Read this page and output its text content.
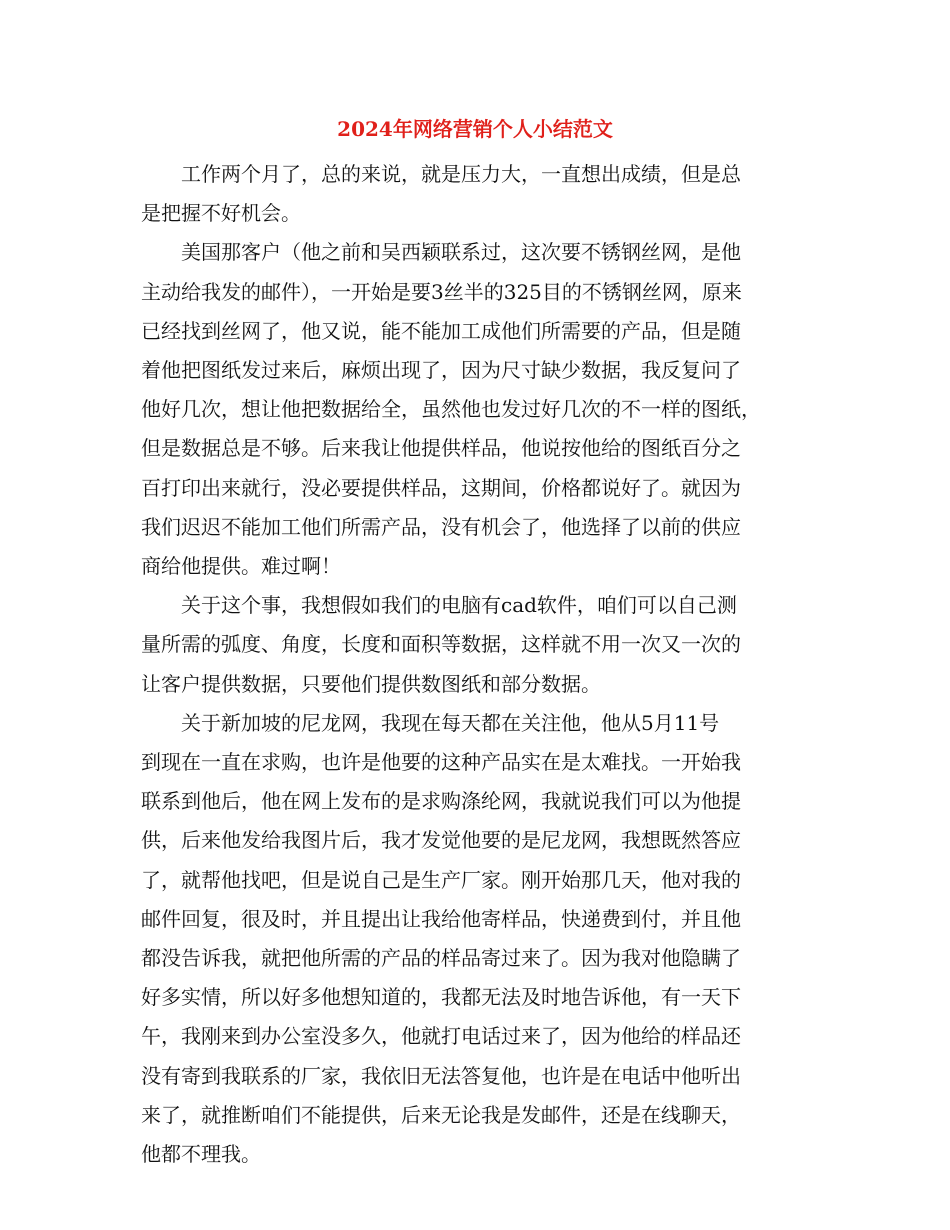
2024年网络营销个人小结范文
工作两个月了，总的来说，就是压力大，一直想出成绩，但是总
是把握不好机会。
美国那客户（他之前和吴西颖联系过，这次要不锈钢丝网，是他
主动给我发的邮件），一开始是要3丝半的325目的不锈钢丝网，原来
已经找到丝网了，他又说，能不能加工成他们所需要的产品，但是随
着他把图纸发过来后，麻烦出现了，因为尺寸缺少数据，我反复问了
他好几次，想让他把数据给全，虽然他也发过好几次的不一样的图纸，
但是数据总是不够。后来我让他提供样品，他说按他给的图纸百分之
百打印出来就行，没必要提供样品，这期间，价格都说好了。就因为
我们迟迟不能加工他们所需产品，没有机会了，他选择了以前的供应
商给他提供。难过啊！
关于这个事，我想假如我们的电脑有cad软件，咱们可以自己测
量所需的弧度、角度，长度和面积等数据，这样就不用一次又一次的
让客户提供数据，只要他们提供数图纸和部分数据。
关于新加坡的尼龙网，我现在每天都在关注他，他从5月11号
到现在一直在求购，也许是他要的这种产品实在是太难找。一开始我
联系到他后，他在网上发布的是求购涤纶网，我就说我们可以为他提
供，后来他发给我图片后，我才发觉他要的是尼龙网，我想既然答应
了，就帮他找吧，但是说自己是生产厂家。刚开始那几天，他对我的
邮件回复，很及时，并且提出让我给他寄样品，快递费到付，并且他
都没告诉我，就把他所需的产品的样品寄过来了。因为我对他隐瞒了
好多实情，所以好多他想知道的，我都无法及时地告诉他，有一天下
午，我刚来到办公室没多久，他就打电话过来了，因为他给的样品还
没有寄到我联系的厂家，我依旧无法答复他，也许是在电话中他听出
来了，就推断咱们不能提供，后来无论我是发邮件，还是在线聊天，
他都不理我。
